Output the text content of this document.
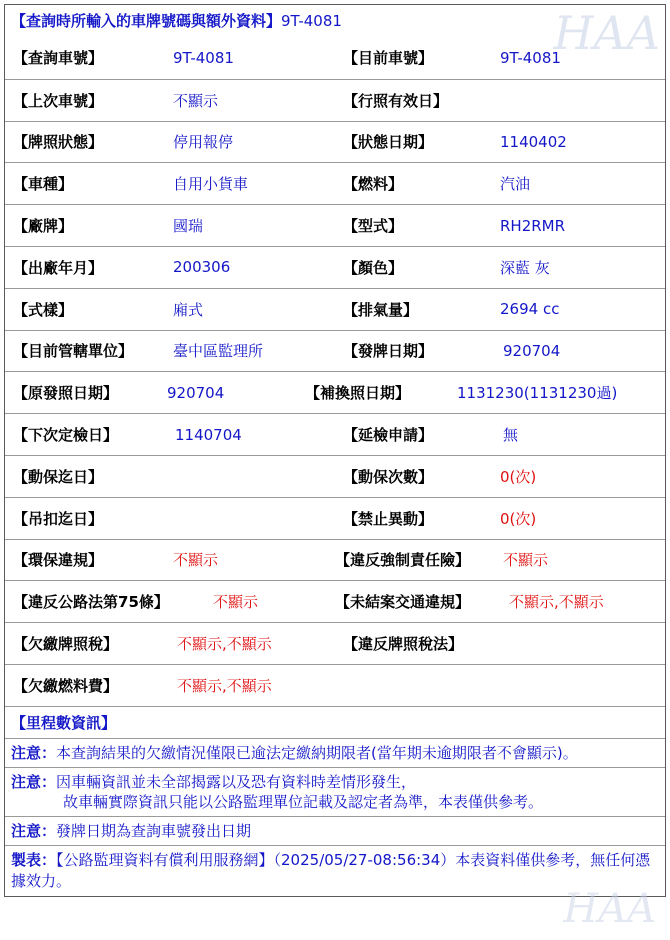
【查詢時所輸入的車牌號碼與額外資料】9T-4081
【查詢車號】	9T-4081	【目前車號】	9T-4081
【上次車號】	不顯示	【行照有效日】
【牌照狀態】	停用報停	【狀態日期】	1140402
【車種】	自用小貨車	【燃料】	汽油
【廠牌】	國瑞	【型式】	RH2RMR
【出廠年月】	200306	【顏色】	深藍 灰
【式樣】	廂式	【排氣量】	2694 cc
【目前管轄單位】	臺中區監理所	【發牌日期】	920704
【原發照日期】	920704	【補換照日期】	1131230(1131230過)
【下次定檢日】	1140704	【延檢申請】	無
【動保迄日】	【動保次數】	0(次)
【吊扣迄日】	【禁止異動】	0(次)
【環保違規】	不顯示	【違反強制責任險】 不顯示
【違反公路法第75條】	不顯示	【未結案交通違規】	不顯示,不顯示
【欠繳牌照稅】	不顯示,不顯示	【違反牌照稅法】
【欠繳燃料費】	不顯示,不顯示
【里程數資訊】
注意：本查詢結果的欠繳情況僅限已逾法定繳納期限者(當年期未逾期限者不會顯示)。
注意：因車輛資訊並未全部揭露以及恐有資料時差情形發生，
故車輛實際資訊只能以公路監理單位記載及認定者為準，本表僅供參考。
注意：發牌日期為查詢車號發出日期
製表：【公路監理資料有償利用服務網】（2025/05/27-08:56:34）本表資料僅供參考，無任何憑據效力。
HAA
HAA
